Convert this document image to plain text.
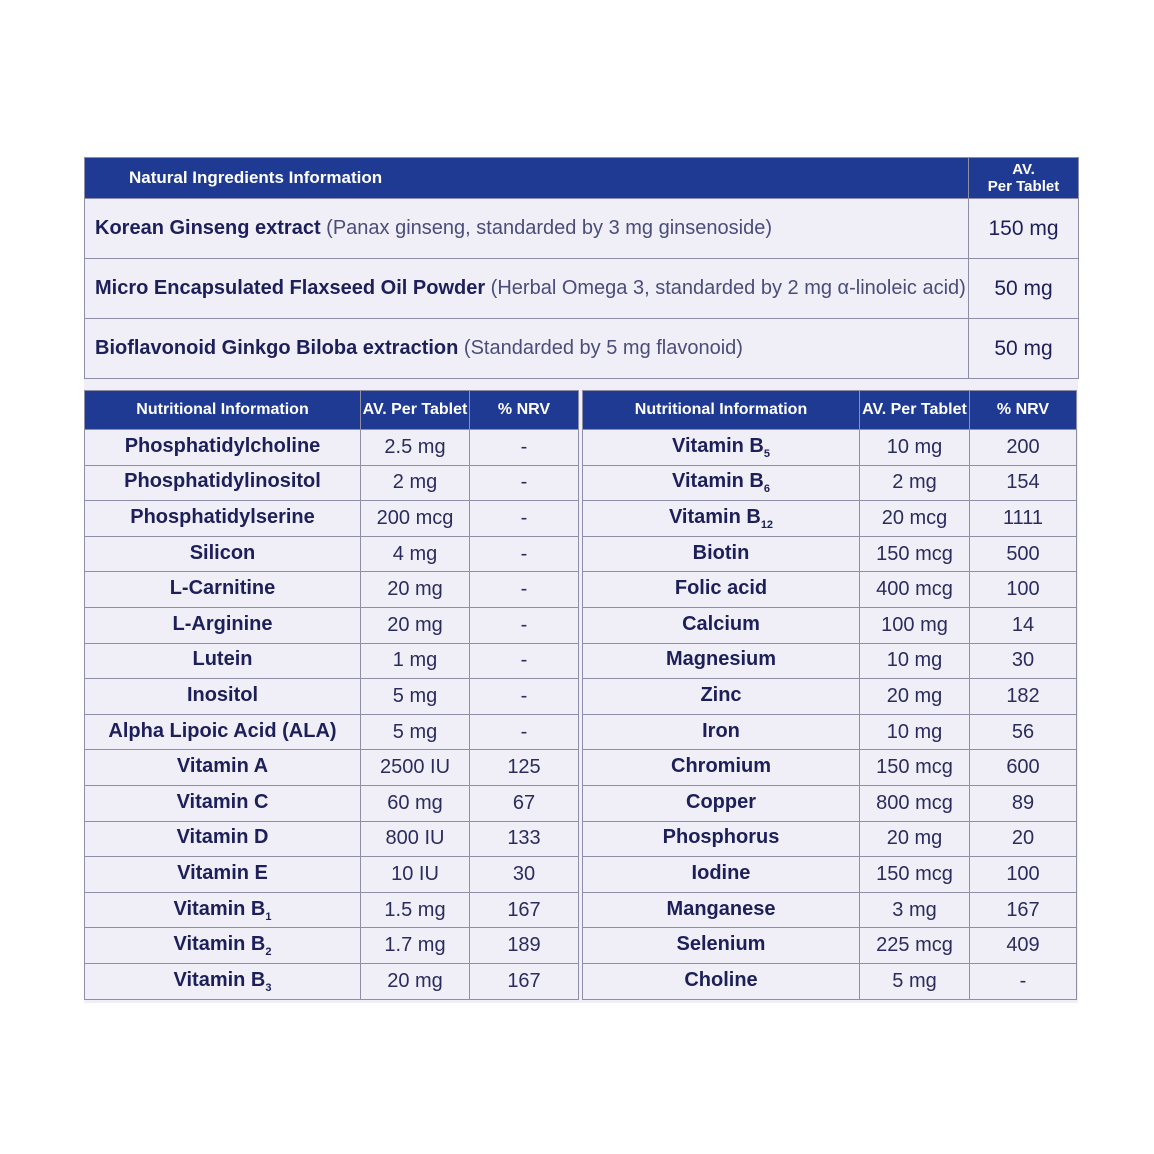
Natural Ingredients Information	AV.
Per Tablet
Korean Ginseng extract (Panax ginseng, standarded by 3 mg ginsenoside)	150 mg
Micro Encapsulated Flaxseed Oil Powder (Herbal Omega 3, standarded by 2 mg α-linoleic acid)	50 mg
Bioflavonoid Ginkgo Biloba extraction (Standarded by 5 mg flavonoid)	50 mg
Nutritional Information	AV. Per Tablet	% NRV
Phosphatidylcholine	2.5 mg	-
Phosphatidylinositol	2 mg	-
Phosphatidylserine	200 mcg	-
Silicon	4 mg	-
L-Carnitine	20 mg	-
L-Arginine	20 mg	-
Lutein	1 mg	-
Inositol	5 mg	-
Alpha Lipoic Acid (ALA)	5 mg	-
Vitamin A	2500 IU	125
Vitamin C	60 mg	67
Vitamin D	800 IU	133
Vitamin E	10 IU	30
Vitamin $B_1$	1.5 mg	167
Vitamin $B_2$	1.7 mg	189
Vitamin $B_3$	20 mg	167
Nutritional Information	AV. Per Tablet	% NRV
Vitamin $B_5$	10 mg	200
Vitamin $B_6$	2 mg	154
Vitamin $B_{12}$	20 mcg	1111
Biotin	150 mcg	500
Folic acid	400 mcg	100
Calcium	100 mg	14
Magnesium	10 mg	30
Zinc	20 mg	182
Iron	10 mg	56
Chromium	150 mcg	600
Copper	800 mcg	89
Phosphorus	20 mg	20
Iodine	150 mcg	100
Manganese	3 mg	167
Selenium	225 mcg	409
Choline	5 mg	-
